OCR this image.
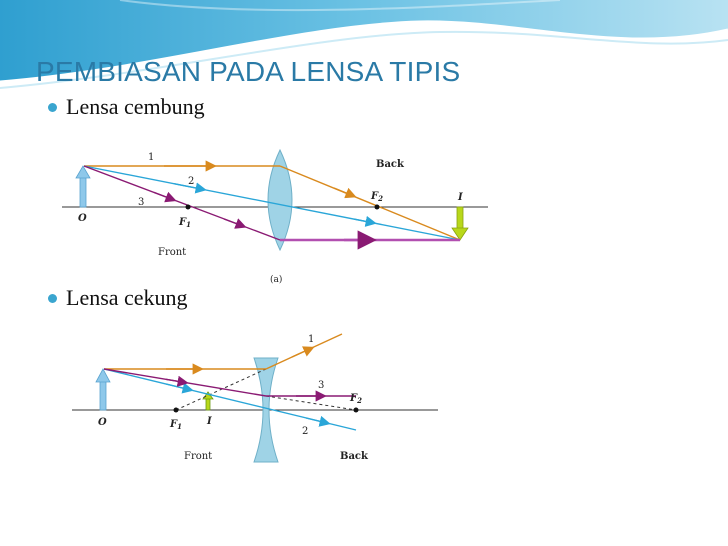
PEMBIASAN PADA LENSA TIPIS
Lensa cembung
1
2
3
Back
Front
O
I
$F_1$
$F_2$
(a)
Lensa cekung
1
2
3
Front	Back
O	I
$F_1$
$F_2$
